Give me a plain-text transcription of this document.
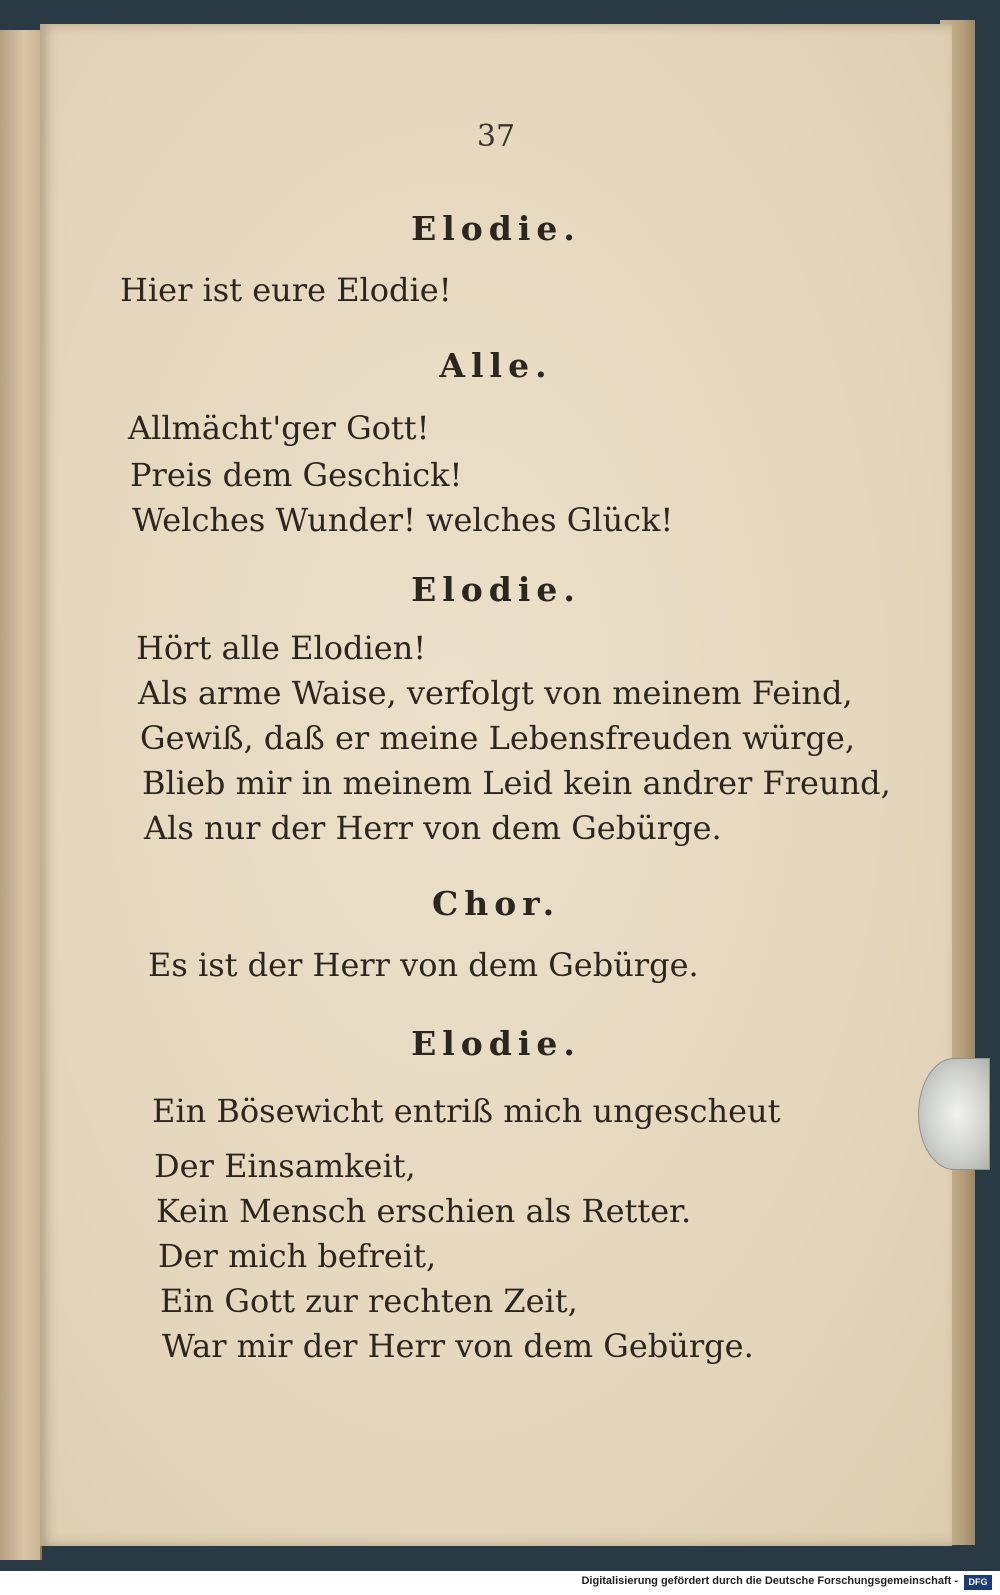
37
Elodie.
Hier ist eure Elodie!
Alle.
Allmächt'ger Gott!
Preis dem Geschick!
Welches Wunder! welches Glück!
Elodie.
Hört alle Elodien!
Als arme Waise, verfolgt von meinem Feind,
Gewiß, daß er meine Lebensfreuden würge,
Blieb mir in meinem Leid kein andrer Freund,
Als nur der Herr von dem Gebürge.
Chor.
Es ist der Herr von dem Gebürge.
Elodie.
Ein Bösewicht entriß mich ungescheut
Der Einsamkeit,
Kein Mensch erschien als Retter.
Der mich befreit,
Ein Gott zur rechten Zeit,
War mir der Herr von dem Gebürge.
Digitalisierung gefördert durch die Deutsche Forschungsgemeinschaft -	DFG
